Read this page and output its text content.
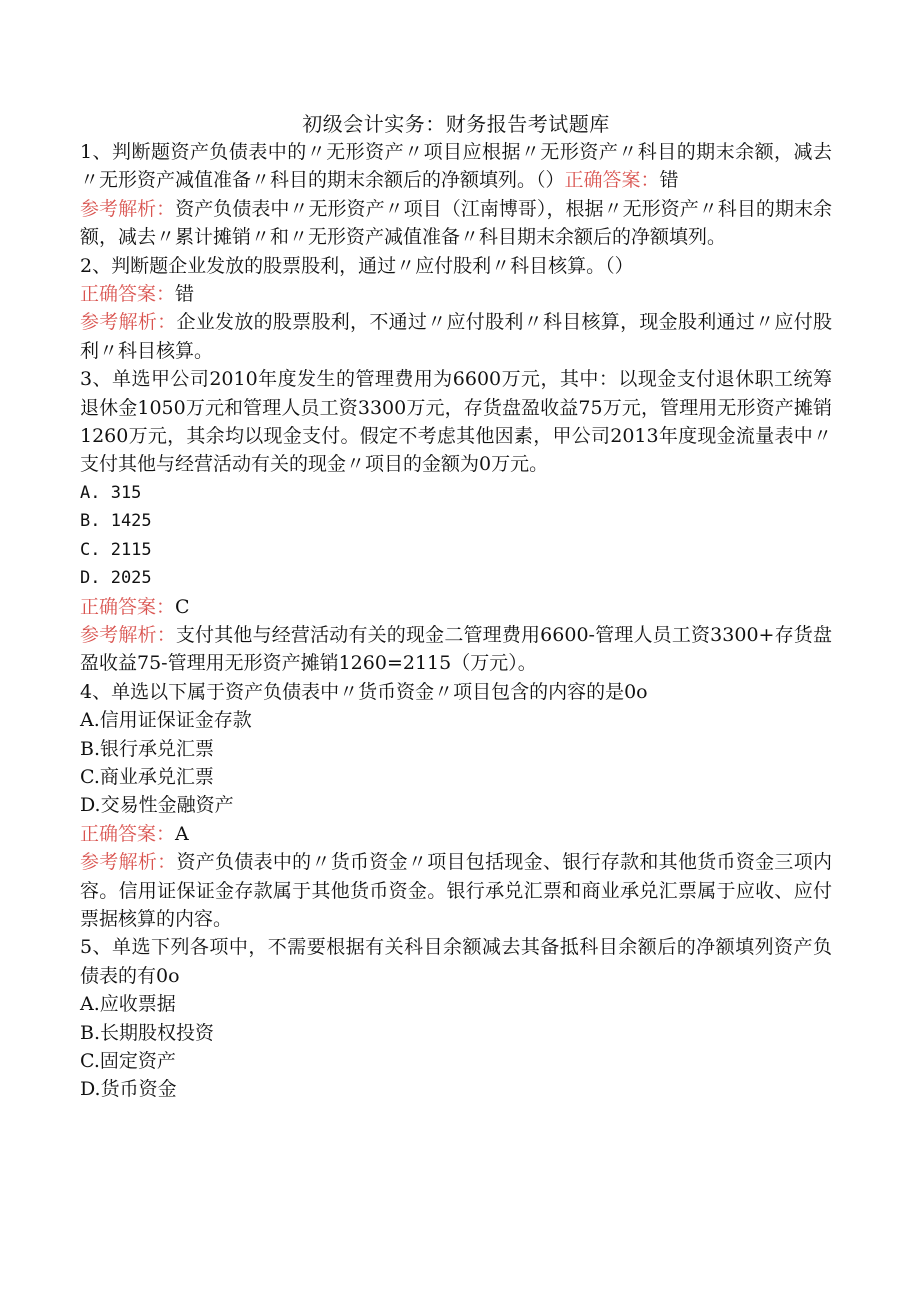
初级会计实务：财务报告考试题库

1、判断题资产负债表中的〃无形资产〃项目应根据〃无形资产〃科目的期末余额，减去〃无形资产减值准备〃科目的期末余额后的净额填列。（）正确答案：错

参考解析：资产负债表中〃无形资产〃项目（江南博哥），根据〃无形资产〃科目的期末余额，减去〃累计摊销〃和〃无形资产减值准备〃科目期末余额后的净额填列。

2、判断题企业发放的股票股利，通过〃应付股利〃科目核算。（）

正确答案：错

参考解析：企业发放的股票股利，不通过〃应付股利〃科目核算，现金股利通过〃应付股利〃科目核算。

3、单选甲公司2010年度发生的管理费用为6600万元，其中：以现金支付退休职工统筹退休金1050万元和管理人员工资3300万元，存货盘盈收益75万元，管理用无形资产摊销1260万元，其余均以现金支付。假定不考虑其他因素，甲公司2013年度现金流量表中〃支付其他与经营活动有关的现金〃项目的金额为0万元。

A. 315

B. 1425

C. 2115

D. 2025

正确答案：C

参考解析：支付其他与经营活动有关的现金二管理费用6600-管理人员工资3300+存货盘盈收益75-管理用无形资产摊销1260=2115（万元）。

4、单选以下属于资产负债表中〃货币资金〃项目包含的内容的是0o

A.信用证保证金存款

B.银行承兑汇票

C.商业承兑汇票

D.交易性金融资产

正确答案：A

参考解析：资产负债表中的〃货币资金〃项目包括现金、银行存款和其他货币资金三项内容。信用证保证金存款属于其他货币资金。银行承兑汇票和商业承兑汇票属于应收、应付票据核算的内容。

5、单选下列各项中，不需要根据有关科目余额减去其备抵科目余额后的净额填列资产负债表的有0o

A.应收票据

B.长期股权投资

C.固定资产

D.货币资金
